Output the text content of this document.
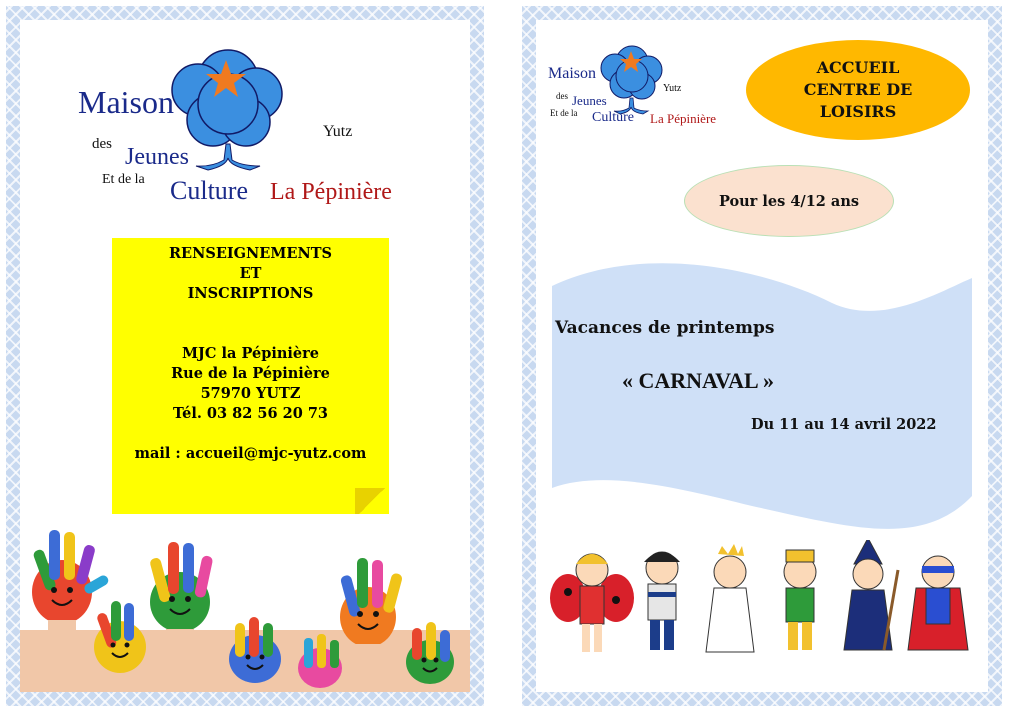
Maison
Yutz
des Jeunes
Et de la Culture La Pépinière
RENSEIGNEMENTS
ET
INSCRIPTIONS
MJC la Pépinière
Rue de la Pépinière
57970 YUTZ
Tél. 03 82 56 20 73
mail : accueil@mjc-yutz.com
Maison
Yutz
des Jeunes
Et de la Culture La Pépinière
ACCUEIL
CENTRE DE
LOISIRS
Pour les 4/12 ans
Vacances de printemps
« CARNAVAL »
Du 11 au 14 avril 2022
